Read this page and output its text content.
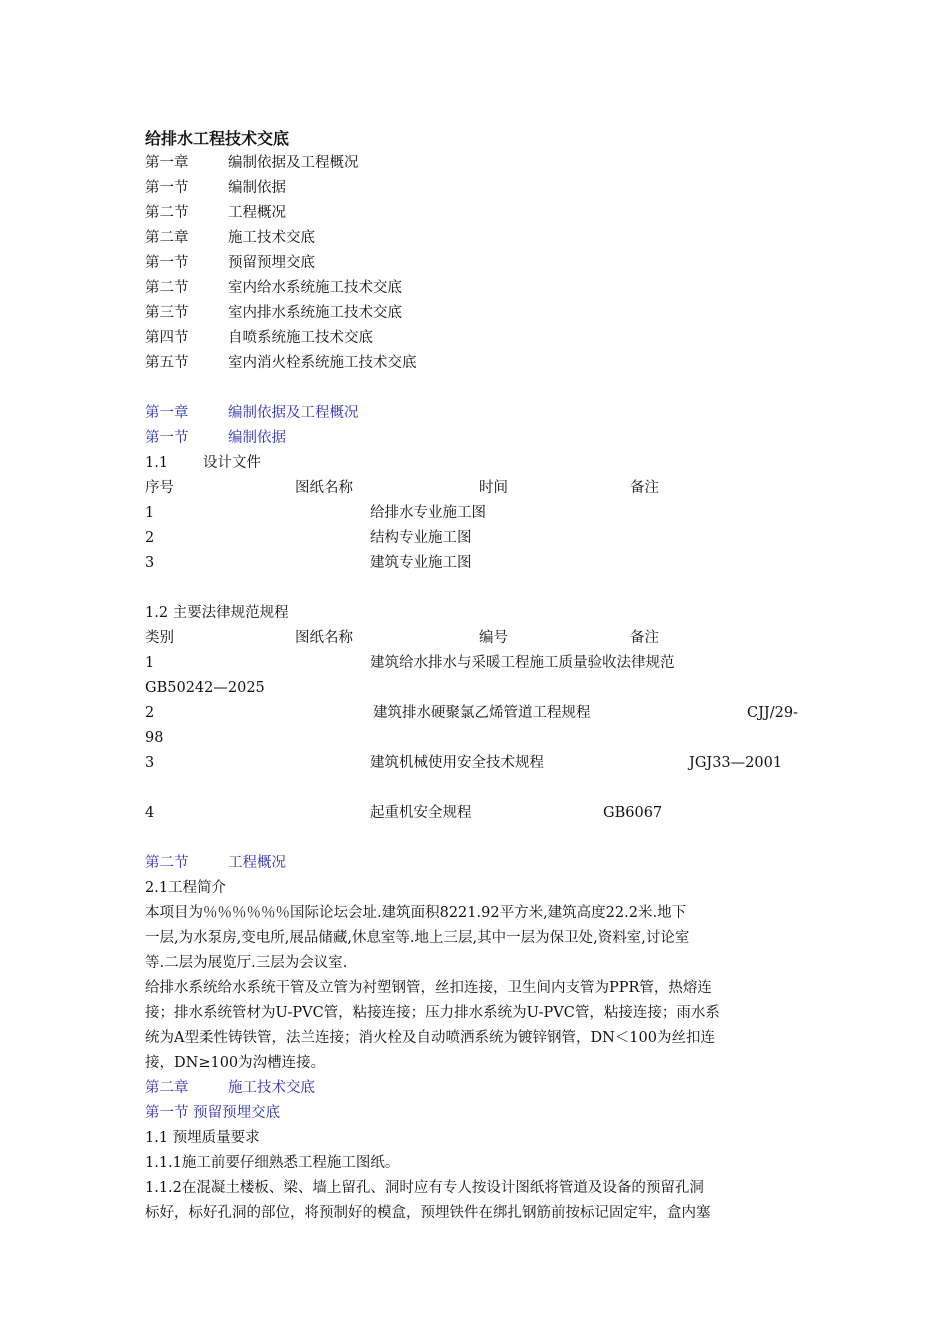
给排水工程技术交底
第一章	编制依据及工程概况
第一节	编制依据
第二节	工程概况
第二章	施工技术交底
第一节	预留预埋交底
第二节	室内给水系统施工技术交底
第三节	室内排水系统施工技术交底
第四节	自喷系统施工技术交底
第五节	室内消火栓系统施工技术交底
第一章	编制依据及工程概况
第一节	编制依据
1.1 设计文件
序号	图纸名称	时间	备注
1	给排水专业施工图
2	结构专业施工图
3	建筑专业施工图
1.2 主要法律规范规程
类别	图纸名称	编号	备注
1	建筑给水排水与采暖工程施工质量验收法律规范
GB50242—2025
2	建筑排水硬聚氯乙烯管道工程规程	CJJ/29-
98
3	建筑机械使用安全技术规程	JGJ33—2001
4	起重机安全规程	GB6067
第二节	工程概况
2.1工程简介
本项目为％％％％％％国际论坛会址.建筑面积8221.92平方米,建筑高度22.2米.地下
一层,为水泵房,变电所,展品储藏,休息室等.地上三层,其中一层为保卫处,资料室,讨论室
等.二层为展览厅.三层为会议室.
给排水系统给水系统干管及立管为衬塑钢管，丝扣连接，卫生间内支管为PPR管，热熔连
接；排水系统管材为U-PVC管，粘接连接；压力排水系统为U-PVC管，粘接连接；雨水系
统为A型柔性铸铁管，法兰连接；消火栓及自动喷洒系统为镀锌钢管，DN＜100为丝扣连
接，DN≥100为沟槽连接。
第二章	施工技术交底
第一节 预留预埋交底
1.1 预埋质量要求
1.1.1施工前要仔细熟悉工程施工图纸。
1.1.2在混凝土楼板、梁、墙上留孔、洞时应有专人按设计图纸将管道及设备的预留孔洞
标好，标好孔洞的部位，将预制好的模盒，预埋铁件在绑扎钢筋前按标记固定牢，盒内塞
